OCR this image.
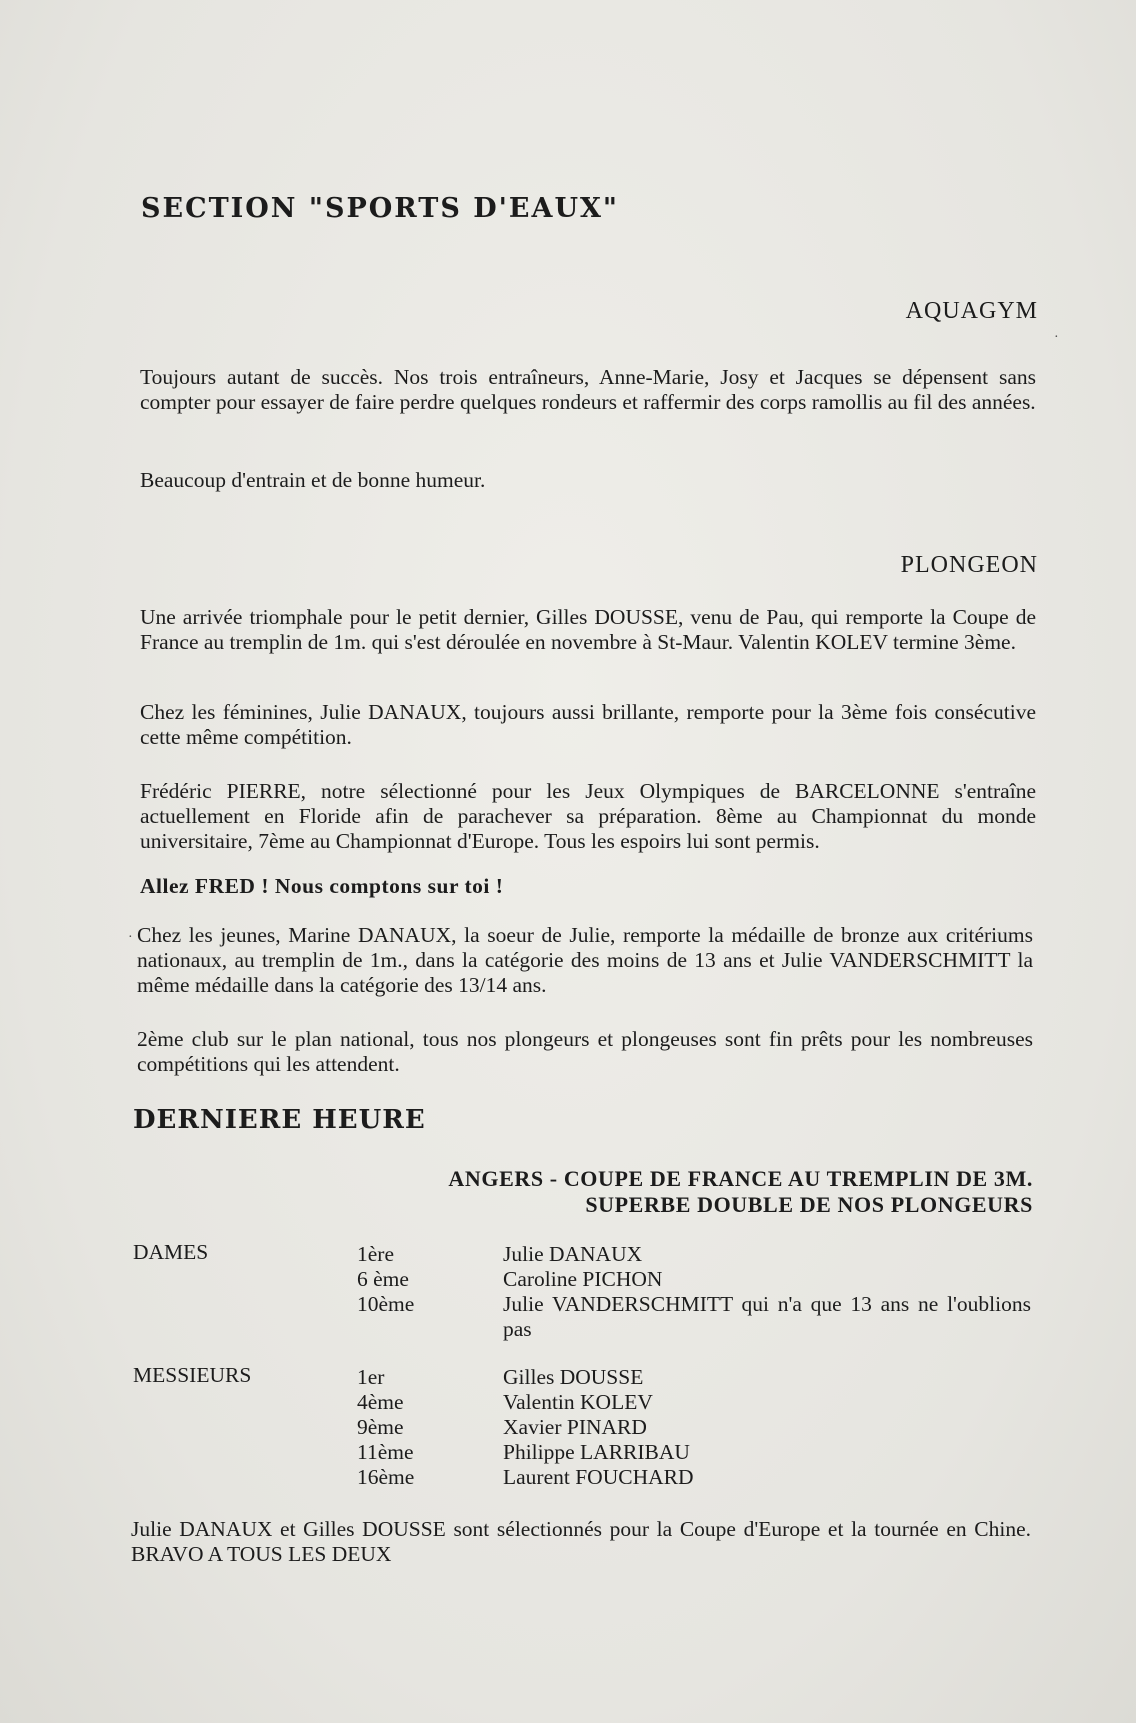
SECTION "SPORTS D'EAUX"
AQUAGYM
Toujours autant de succès. Nos trois entraîneurs, Anne-Marie, Josy et Jacques se dépensent sans compter pour essayer de faire perdre quelques rondeurs et raffermir des corps ramollis au fil des années.
Beaucoup d'entrain et de bonne humeur.
PLONGEON
Une arrivée triomphale pour le petit dernier, Gilles DOUSSE, venu de Pau, qui remporte la Coupe de France au tremplin de 1m. qui s'est déroulée en novembre à St-Maur. Valentin KOLEV termine 3ème.
Chez les féminines, Julie DANAUX, toujours aussi brillante, remporte pour la 3ème fois consécutive cette même compétition.
Frédéric PIERRE, notre sélectionné pour les Jeux Olympiques de BARCELONNE s'entraîne actuellement en Floride afin de parachever sa préparation. 8ème au Championnat du monde universitaire, 7ème au Championnat d'Europe. Tous les espoirs lui sont permis.
Allez FRED ! Nous comptons sur toi !
Chez les jeunes, Marine DANAUX, la soeur de Julie, remporte la médaille de bronze aux critériums nationaux, au tremplin de 1m., dans la catégorie des moins de 13 ans et Julie VANDERSCHMITT la même médaille dans la catégorie des 13/14 ans.
2ème club sur le plan national, tous nos plongeurs et plongeuses sont fin prêts pour les nombreuses compétitions qui les attendent.
DERNIERE HEURE
ANGERS - COUPE DE FRANCE AU TREMPLIN DE 3M.
SUPERBE DOUBLE DE NOS PLONGEURS
DAMES	1ère	Julie DANAUX
6 ème	Caroline PICHON
10ème	Julie VANDERSCHMITT qui n'a que 13 ans ne l'oublions pas
MESSIEURS	1er	Gilles DOUSSE
4ème	Valentin KOLEV
9ème	Xavier PINARD
11ème	Philippe LARRIBAU
16ème	Laurent FOUCHARD
Julie DANAUX et Gilles DOUSSE sont sélectionnés pour la Coupe d'Europe et la tournée en Chine. BRAVO A TOUS LES DEUX
·
·
